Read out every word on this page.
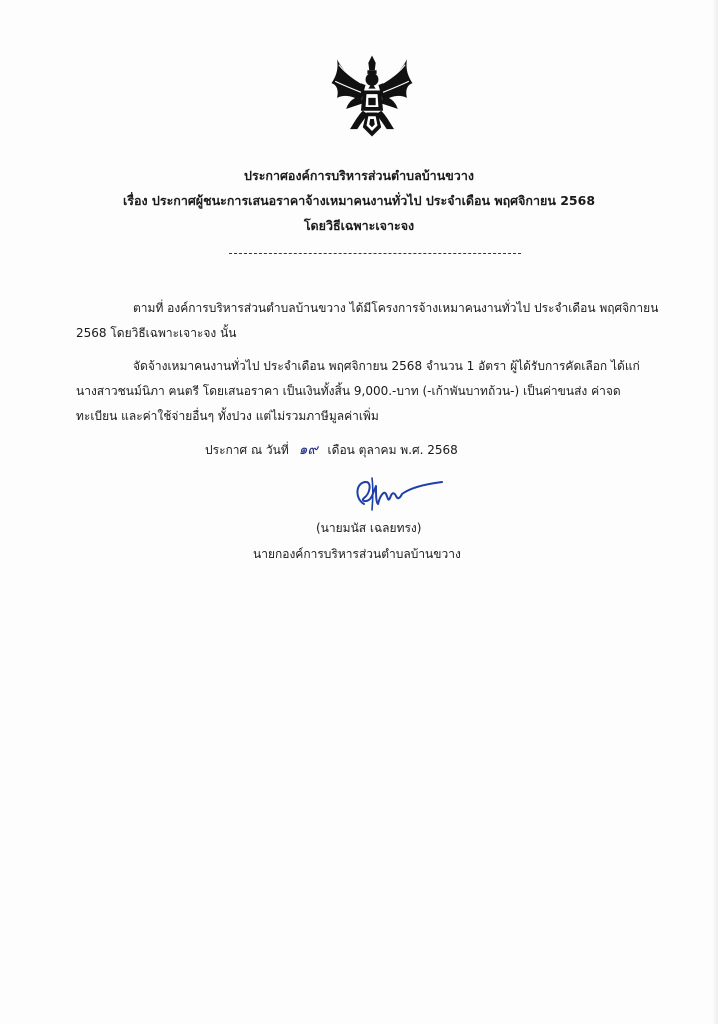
ประกาศองค์การบริหารส่วนตำบลบ้านขวาง
เรื่อง ประกาศผู้ชนะการเสนอราคาจ้างเหมาคนงานทั่วไป ประจำเดือน พฤศจิกายน 2568
โดยวิธีเฉพาะเจาะจง
ตามที่ องค์การบริหารส่วนตำบลบ้านขวาง ได้มีโครงการจ้างเหมาคนงานทั่วไป ประจำเดือน พฤศจิกายน
2568 โดยวิธีเฉพาะเจาะจง นั้น
จัดจ้างเหมาคนงานทั่วไป ประจำเดือน พฤศจิกายน 2568 จำนวน 1 อัตรา ผู้ได้รับการคัดเลือก ได้แก่
นางสาวชนม์นิภา ฅนตรี โดยเสนอราคา เป็นเงินทั้งสิ้น 9,000.-บาท (-เก้าพันบาทถ้วน-) เป็นค่าขนส่ง ค่าจด
ทะเบียน และค่าใช้จ่ายอื่นๆ ทั้งปวง แต่ไม่รวมภาษีมูลค่าเพิ่ม
ประกาศ ณ วันที่ ๑๙ เดือน ตุลาคม พ.ศ. 2568
(นายมนัส เฉลยทรง)
นายกองค์การบริหารส่วนตำบลบ้านขวาง
